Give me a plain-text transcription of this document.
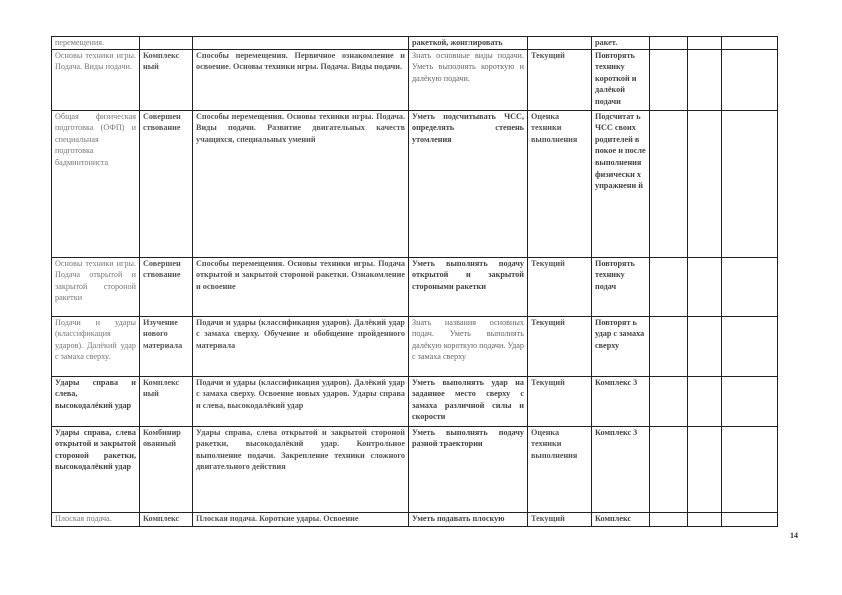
перемещения.			ракеткой, жонглировать		ракет.			
Основы техники игры. Подача. Виды подачи.	Комплекс ный	Способы перемещения. Первичное ознакомление и освоение. Основы техники игры. Подача. Виды подачи.	Знать основные виды подачи. Уметь выполнять короткую и далёкую подачи.	Текущий	Повторять технику короткой и далёкой подачи			
Общая физическая подготовка (ОФП) и специальная подготовка бадминтониста	Совершен ствование	Способы перемещения. Основы техники игры. Подача. Виды подачи. Развитие двигательных качеств учащихся, специальных умений	Уметь подсчитывать ЧСС, определять степень утомления	Оценка техники выполнения	Подсчитат ь ЧСС своих родителей в покое и после выполнения физически х упражнени й			
Основы техники игры. Подача открытой и закрытой стороной ракетки	Совершен ствование	Способы перемещения. Основы техники игры. Подача открытой и закрытой стороной ракетки. Ознакомление и освоение	Уметь выполнять подачу открытой и закрытой стороными ракетки	Текущий	Повторять технику подач			
Подачи и удары (классификация ударов). Далёкий удар с замаха сверху.	Изучение нового материала	Подачи и удары (классификация ударов). Далёкий удар с замаха сверху. Обучение и обобщение пройденного материала	Знать названия основных подач. Уметь выполнять далёкую короткую подачи. Удар с замаха сверху	Текущий	Повторят ь удар с замаха сверху			
Удары справа и слева, высокодалёкий удар	Комплекс ный	Подачи и удары (классификация ударов). Далёкий удар с замаха сверху. Освоение новых ударов. Удары справа и слева, высокодалёкий удар	Уметь выполнять удар на заданное место сверху с замаха различной силы и скорости	Текущий	Комплекс 3			
Удары справа, слева открытой и закрытой стороной ракетки, высокодалёкий удар	Комбинир ованный	Удары справа, слева открытой и закрытой стороной ракетки, высокодалёкий удар. Контрольное выполнение подачи. Закрепление техники сложного двигательного действия	Уметь выполнять подачу разной траектории	Оценка техники выполнения	Комплекс 3			
Плоская подача.	Комплекс	Плоская подача. Короткие удары. Освоение	Уметь подавать плоскую	Текущий	Комплекс			
14
